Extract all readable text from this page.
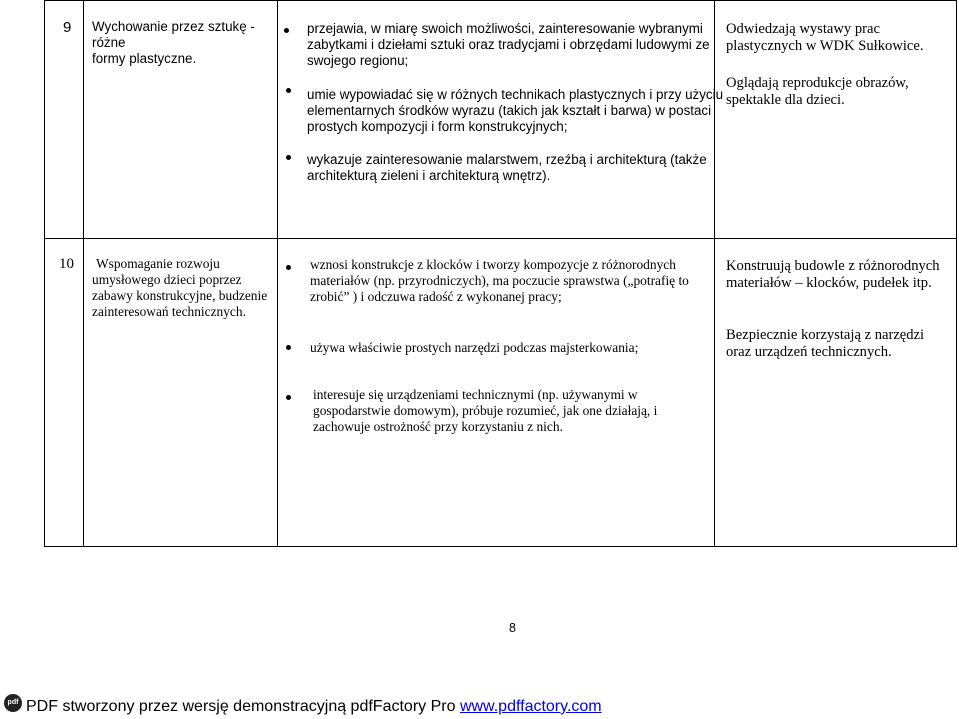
9 Wychowanie przez sztukę - różne
formy plastyczne.
przejawia, w miarę swoich możliwości, zainteresowanie wybranymi
zabytkami i dziełami sztuki oraz tradycjami i obrzędami ludowymi ze
swojego regionu;
umie wypowiadać się w różnych technikach plastycznych i przy użyciu
elementarnych środków wyrazu (takich jak kształt i barwa) w postaci
prostych kompozycji i form konstrukcyjnych;
wykazuje zainteresowanie malarstwem, rzeźbą i architekturą (także
architekturą zieleni i architekturą wnętrz).
Odwiedzają wystawy prac
plastycznych w WDK Sułkowice.
Oglądają reprodukcje obrazów,
spektakle dla dzieci.
10 Wspomaganie rozwoju
umysłowego dzieci poprzez
zabawy konstrukcyjne, budzenie
zainteresowań technicznych.
wznosi konstrukcje z klocków i tworzy kompozycje z różnorodnych
materiałów (np. przyrodniczych), ma poczucie sprawstwa („potrafię to
zrobić” ) i odczuwa radość z wykonanej pracy;
używa właściwie prostych narzędzi podczas majsterkowania;
interesuje się urządzeniami technicznymi (np. używanymi w
gospodarstwie domowym), próbuje rozumieć, jak one działają, i
zachowuje ostrożność przy korzystaniu z nich.
Konstruują budowle z różnorodnych
materiałów – klocków, pudełek itp.
Bezpiecznie korzystają z narzędzi
oraz urządzeń technicznych.
8
pdf PDF stworzony przez wersję demonstracyjną pdfFactory Pro www.pdffactory.com
